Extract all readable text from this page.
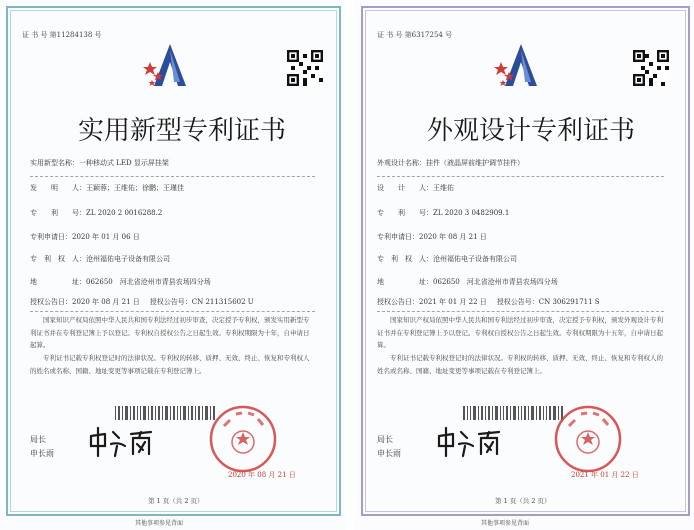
证 书 号 第11284138 号
实用新型专利证书
实用新型名称：一种移动式 LED 显示屏挂架
发　　明　　人：王颖蓉；王维佑；徐鹏；王瑾佳
专　　利　　号：ZL 2020 2 0016288.2
专利申请日：2020 年 01 月 06 日
专　利　权　人：沧州福佑电子设备有限公司
地　　　　　址：062650　河北省沧州市青县农场四分场
授权公告日：2020 年 08 月 21 日 授权公告号：CN 211315602 U
　　国家知识产权局依照中华人民共和国专利法经过初步审查，决定授予专利权，颁发实用新型专利证书并在专利登记簿上予以登记。专利权自授权公告之日起生效。专利权期限为十年，自申请日起算。
　　专利证书记载专利权登记时的法律状况。专利权的转移、质押、无效、终止、恢复和专利权人的姓名或名称、国籍、地址变更等事项记载在专利登记簿上。
局长
申长雨
2020 年 08 月 21 日
第 1 页（共 2 页）
其他事项参见背面
证 书 号 第6317254 号
外观设计专利证书
外观设计名称：挂件（液晶屏前维护调节挂件）
设　　计　　人：王维佑
专　　利　　号：ZL 2020 3 0482909.1
专利申请日：2020 年 08 月 21 日
专　利　权　人：沧州福佑电子设备有限公司
地　　　　　址：062650　河北省沧州市青县农场四分场
授权公告日：2021 年 01 月 22 日 授权公告号：CN 306291711 S
　　国家知识产权局依照中华人民共和国专利法经过初步审查，决定授予专利权，颁发外观设计专利证书并在专利登记簿上予以登记。专利权自授权公告之日起生效。专利权期限为十五年，自申请日起算。
　　专利证书记载专利权登记时的法律状况。专利权的转移、质押、无效、终止、恢复和专利权人的姓名或名称、国籍、地址变更等事项记载在专利登记簿上。
局长
申长雨
2021 年 01 月 22 日
第 1 页（共 2 页）
其他事项参见背面
